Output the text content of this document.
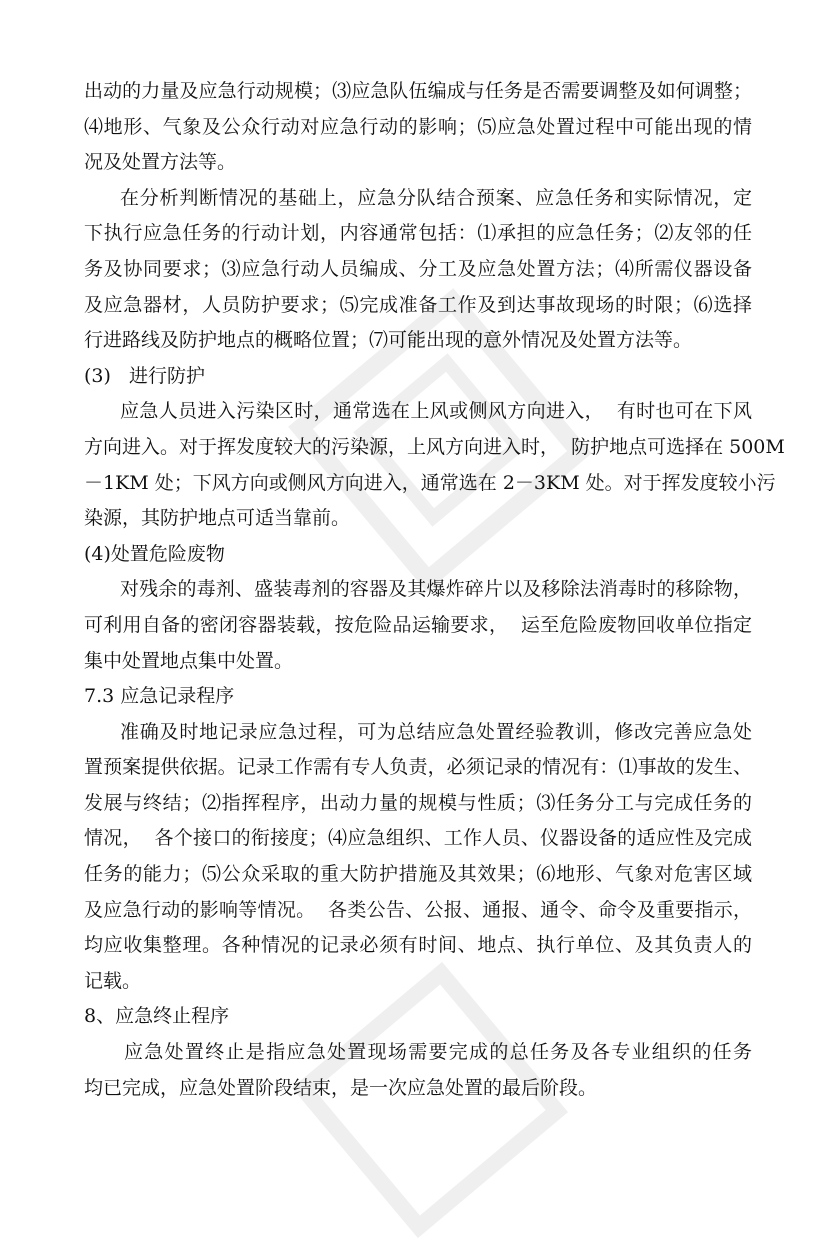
出动的力量及应急行动规模；⑶应急队伍编成与任务是否需要调整及如何调整；
⑷地形、气象及公众行动对应急行动的影响；⑸应急处置过程中可能出现的情
况及处置方法等。
在分析判断情况的基础上，应急分队结合预案、应急任务和实际情况，定
下执行应急任务的行动计划，内容通常包括：⑴承担的应急任务；⑵友邻的任
务及协同要求；⑶应急行动人员编成、分工及应急处置方法；⑷所需仪器设备
及应急器材，人员防护要求；⑸完成准备工作及到达事故现场的时限；⑹选择
行进路线及防护地点的概略位置；⑺可能出现的意外情况及处置方法等。
(3)   进行防护
应急人员进入污染区时，通常选在上风或侧风方向进入，  有时也可在下风
方向进入。对于挥发度较大的污染源，上风方向进入时，  防护地点可选择在 500M
－1KM 处；下风方向或侧风方向进入，通常选在 2－3KM 处。对于挥发度较小污
染源，其防护地点可适当靠前。
(4)处置危险废物
对残余的毒剂、盛装毒剂的容器及其爆炸碎片以及移除法消毒时的移除物，
可利用自备的密闭容器装载，按危险品运输要求，  运至危险废物回收单位指定
集中处置地点集中处置。
7.3 应急记录程序
准确及时地记录应急过程，可为总结应急处置经验教训，修改完善应急处
置预案提供依据。记录工作需有专人负责，必须记录的情况有：⑴事故的发生、
发展与终结；⑵指挥程序，出动力量的规模与性质；⑶任务分工与完成任务的
情况，  各个接口的衔接度；⑷应急组织、工作人员、仪器设备的适应性及完成
任务的能力；⑸公众采取的重大防护措施及其效果；⑹地形、气象对危害区域
及应急行动的影响等情况。  各类公告、公报、通报、通令、命令及重要指示，
均应收集整理。各种情况的记录必须有时间、地点、执行单位、及其负责人的
记载。
8、应急终止程序
应急处置终止是指应急处置现场需要完成的总任务及各专业组织的任务
均已完成，应急处置阶段结束，是一次应急处置的最后阶段。
